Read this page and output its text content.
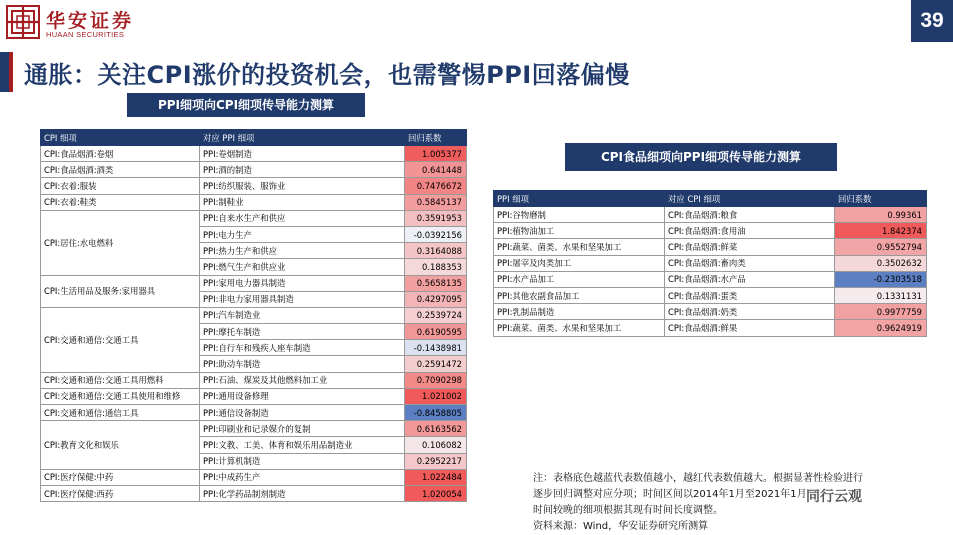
华安证券
HUAAN SECURITIES
39
通胀：关注CPI涨价的投资机会，也需警惕PPI回落偏慢
PPI细项向CPI细项传导能力测算
CPI 细项	对应 PPI 细项	回归系数
CPI:食品烟酒:卷烟	PPI:卷烟制造	1.005377
CPI:食品烟酒:酒类	PPI:酒的制造	0.641448
CPI:衣着:服装	PPI:纺织服装、服饰业	0.7476672
CPI:衣着:鞋类	PPI:制鞋业	0.5845137
CPI:居住:水电燃料	PPI:自来水生产和供应	0.3591953
	PPI:电力生产	-0.0392156
	PPI:热力生产和供应	0.3164088
	PPI:燃气生产和供应业	0.188353
CPI:生活用品及服务:家用器具	PPI:家用电力器具制造	0.5658135
	PPI:非电力家用器具制造	0.4297095
CPI:交通和通信:交通工具	PPI:汽车制造业	0.2539724
	PPI:摩托车制造	0.6190595
	PPI:自行车和残疾人座车制造	-0.1438981
	PPI:助动车制造	0.2591472
CPI:交通和通信:交通工具用燃料	PPI:石油、煤炭及其他燃料加工业	0.7090298
CPI:交通和通信:交通工具使用和维修	PPI:通用设备修理	1.021002
CPI:交通和通信:通信工具	PPI:通信设备制造	-0.8458805
CPI:教育文化和娱乐	PPI:印刷业和记录媒介的复制	0.6163562
	PPI:文教、工美、体育和娱乐用品制造业	0.106082
	PPI:计算机制造	0.2952217
CPI:医疗保健:中药	PPI:中成药生产	1.022484
CPI:医疗保健:西药	PPI:化学药品制剂制造	1.020054
CPI食品细项向PPI细项传导能力测算
PPI 细项	对应 CPI 细项	回归系数
PPI:谷物磨制	CPI:食品烟酒:粮食	0.99361
PPI:植物油加工	CPI:食品烟酒:食用油	1.842374
PPI:蔬菜、菌类、水果和坚果加工	CPI:食品烟酒:鲜菜	0.9552794
PPI:屠宰及肉类加工	CPI:食品烟酒:畜肉类	0.3502632
PPI:水产品加工	CPI:食品烟酒:水产品	-0.2303518
PPI:其他农副食品加工	CPI:食品烟酒:蛋类	0.1331131
PPI:乳制品制造	CPI:食品烟酒:奶类	0.9977759
PPI:蔬菜、菌类、水果和坚果加工	CPI:食品烟酒:鲜果	0.9624919

注：表格底色越蓝代表数值越小，越红代表数值越大。根据显著性检验进行

逐步回归调整对应分项；时间区间以2014年1月至2021年1月

时间较晚的细项根据其现有时间长度调整。

资料来源：Wind，华安证券研究所测算

同行云观
